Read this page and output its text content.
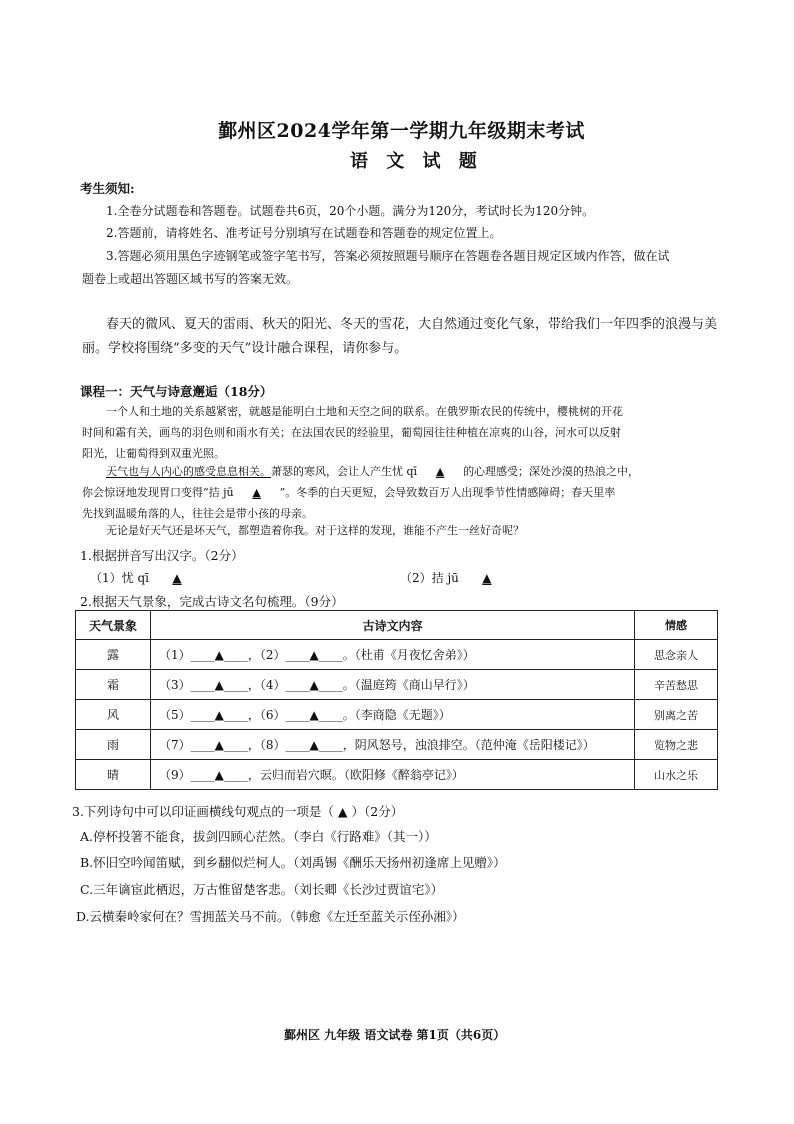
鄞州区2024学年第一学期九年级期末考试
语 文 试 题
考生须知:
1.全卷分试题卷和答题卷。试题卷共6页，20个小题。满分为120分，考试时长为120分钟。
2.答题前，请将姓名、准考证号分别填写在试题卷和答题卷的规定位置上。
3.答题必须用黑色字迹钢笔或签字笔书写，答案必须按照题号顺序在答题卷各题目规定区域内作答，做在试
题卷上或超出答题区域书写的答案无效。
春天的微风、夏天的雷雨、秋天的阳光、冬天的雪花，大自然通过变化气象，带给我们一年四季的浪漫与美
丽。学校将围绕“多变的天气”设计融合课程，请你参与。
课程一：天气与诗意邂逅（18分）
一个人和土地的关系越紧密，就越是能明白土地和天空之间的联系。在俄罗斯农民的传统中，樱桃树的开花
时间和霜有关，画鸟的羽色则和雨水有关；在法国农民的经验里，葡萄园往往种植在凉爽的山谷，河水可以反射
阳光，让葡萄得到双重光照。
天气也与人内心的感受息息相关。萧瑟的寒风，会让人产生忧 qī ▲ 的心理感受；深处沙漠的热浪之中，
你会惊讶地发现胃口变得“拮 jū ▲ ”。冬季的白天更短，会导致数百万人出现季节性情感障碍；春天里率
先找到温暖角落的人，往往会是带小孩的母亲。
无论是好天气还是坏天气，都塑造着你我。对于这样的发现，谁能不产生一丝好奇呢？
1.根据拼音写出汉字。（2分）
（1）忧 qī ▲	（2）拮 jū ▲
2.根据天气景象，完成古诗文名句梳理。（9分）
天气景象	古诗文内容	情感
露	（1）____▲____，（2）____▲____。（杜甫《月夜忆舍弟》）	思念亲人
霜	（3）____▲____，（4）____▲____。（温庭筠《商山早行》）	辛苦愁思
风	（5）____▲____，（6）____▲____。（李商隐《无题》）	别离之苦
雨	（7）____▲____，（8）____▲____，阴风怒号，浊浪排空。（范仲淹《岳阳楼记》）	览物之悲
晴	（9）____▲____，云归而岩穴暝。（欧阳修《醉翁亭记》）	山水之乐
3.下列诗句中可以印证画横线句观点的一项是（ ▲ ）（2分）
A.停杯投箸不能食，拔剑四顾心茫然。（李白《行路难》（其一））
B.怀旧空吟闻笛赋，到乡翻似烂柯人。（刘禹锡《酬乐天扬州初逢席上见赠》）
C.三年谪宦此栖迟，万古惟留楚客悲。（刘长卿《长沙过贾谊宅》）
D.云横秦岭家何在？雪拥蓝关马不前。（韩愈《左迁至蓝关示侄孙湘》）
鄞州区 九年级 语文试卷 第1页（共6页）
